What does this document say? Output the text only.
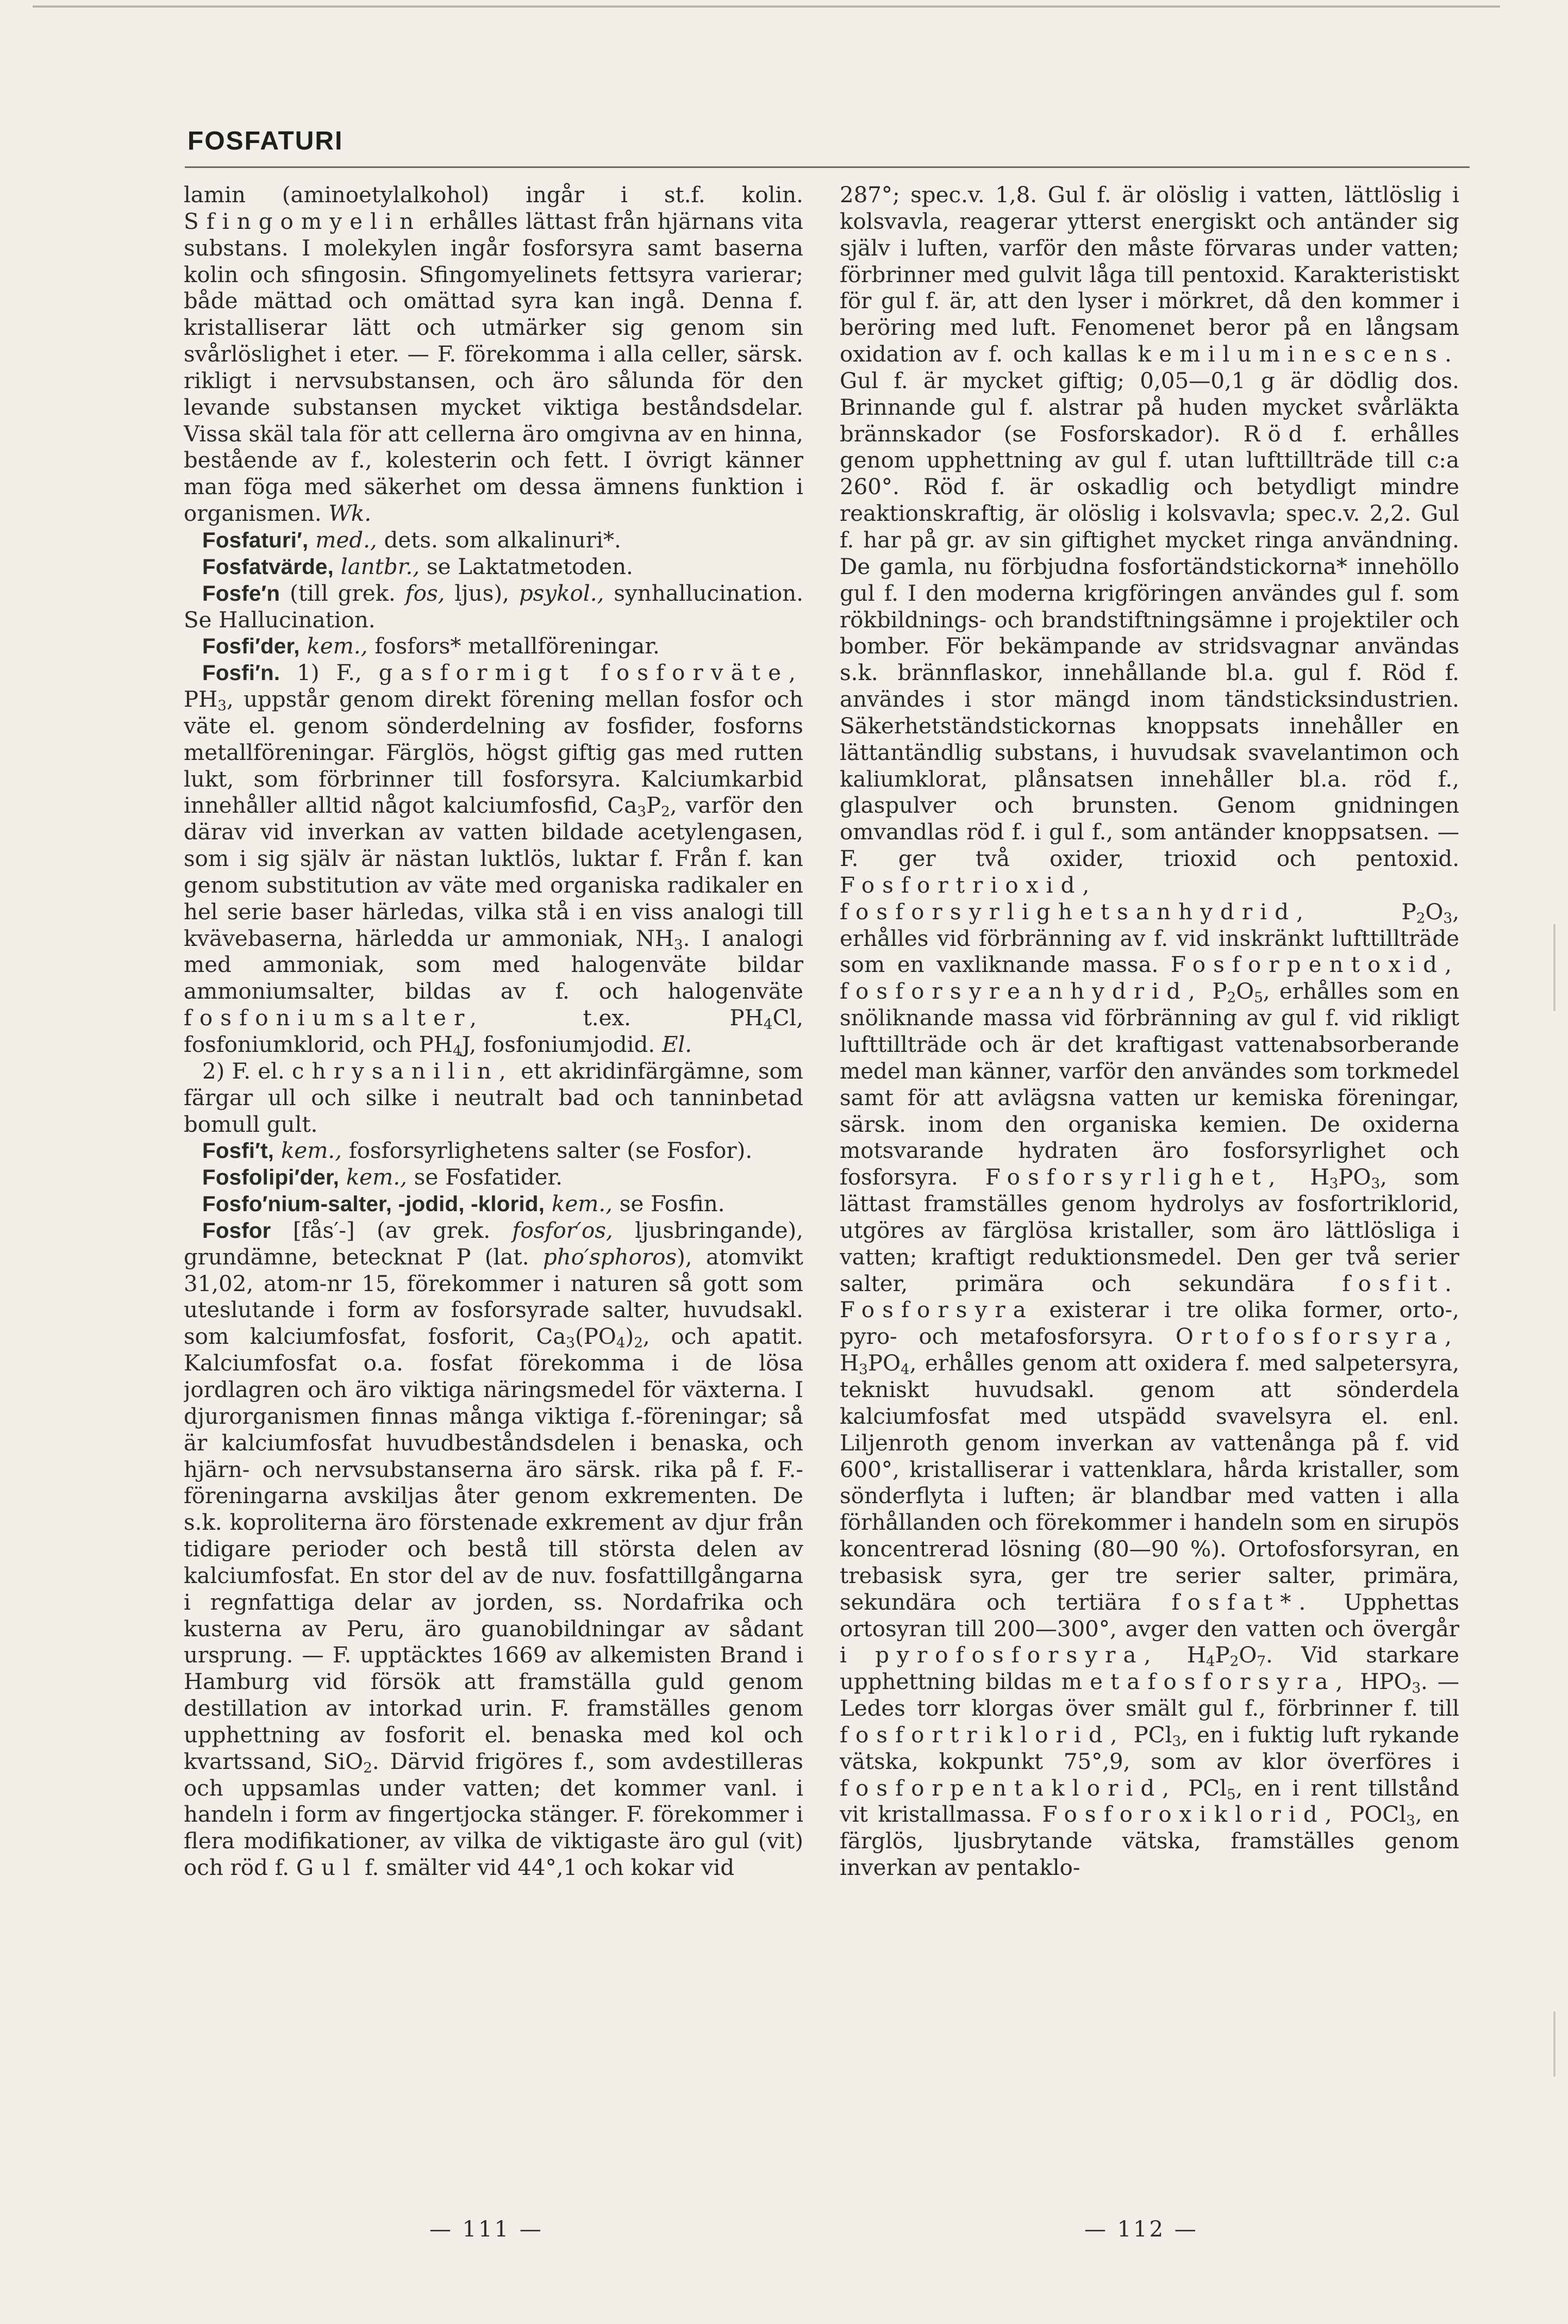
FOSFATURI

lamin (aminoetylalkohol) ingår i st.f. kolin. Sfingomyelin erhålles lättast från hjärnans vita substans. I molekylen ingår fosforsyra samt baserna kolin och sfingosin. Sfingomyelinets fettsyra varierar; både mättad och omättad syra kan ingå. Denna f. kristalliserar lätt och utmärker sig genom sin svårlöslighet i eter. — F. förekomma i alla celler, särsk. rikligt i nervsubstansen, och äro sålunda för den levande substansen mycket viktiga beståndsdelar. Vissa skäl tala för att cellerna äro omgivna av en hinna, bestående av f., kolesterin och fett. I övrigt känner man föga med säkerhet om dessa ämnens funktion i organismen. Wk.

Fosfaturi′, med., dets. som alkalinuri*.

Fosfatvärde, lantbr., se Laktatmetoden.

Fosfe′n (till grek. fos, ljus), psykol., synhallucination. Se Hallucination.

Fosfi′der, kem., fosfors* metallföreningar.

Fosfi′n. 1) F., gasformigt fosforväte, $PH_3$, uppstår genom direkt förening mellan fosfor och väte el. genom sönderdelning av fosfider, fosforns metallföreningar. Färglös, högst giftig gas med rutten lukt, som förbrinner till fosforsyra. Kalciumkarbid innehåller alltid något kalciumfosfid, $Ca_3P_2$, varför den därav vid inverkan av vatten bildade acetylengasen, som i sig själv är nästan luktlös, luktar f. Från f. kan genom substitution av väte med organiska radikaler en hel serie baser härledas, vilka stå i en viss analogi till kvävebaserna, härledda ur ammoniak, $NH_3$. I analogi med ammoniak, som med halogenväte bildar ammoniumsalter, bildas av f. och halogenväte fosfoniumsalter, t.ex. $PH_4Cl$, fosfoniumklorid, och $PH_4J$, fosfoniumjodid. El.

2) F. el. chrysanilin, ett akridinfärgämne, som färgar ull och silke i neutralt bad och tanninbetad bomull gult.

Fosfi′t, kem., fosforsyrlighetens salter (se Fosfor).

Fosfolipi′der, kem., se Fosfatider.

Fosfo′nium-salter, -jodid, -klorid, kem., se Fosfin.

Fosfor [fås′-] (av grek. fosfor′os, ljusbringande), grundämne, betecknat P (lat. pho′sphoros), atomvikt 31,02, atom-nr 15, förekommer i naturen så gott som uteslutande i form av fosforsyrade salter, huvudsakl. som kalciumfosfat, fosforit, $Ca_3(PO_4)_2$, och apatit. Kalciumfosfat o.a. fosfat förekomma i de lösa jordlagren och äro viktiga näringsmedel för växterna. I djurorganismen finnas många viktiga f.-föreningar; så är kalciumfosfat huvudbeståndsdelen i benaska, och hjärn- och nervsubstanserna äro särsk. rika på f. F.-föreningarna avskiljas åter genom exkrementen. De s.k. koproliterna äro förstenade exkrement av djur från tidigare perioder och bestå till största delen av kalciumfosfat. En stor del av de nuv. fosfattillgångarna i regnfattiga delar av jorden, ss. Nordafrika och kusterna av Peru, äro guanobildningar av sådant ursprung. — F. upptäcktes 1669 av alkemisten Brand i Hamburg vid försök att framställa guld genom destillation av intorkad urin. F. framställes genom upphettning av fosforit el. benaska med kol och kvartssand, SiO$_2$. Därvid frigöres f., som avdestilleras och uppsamlas under vatten; det kommer vanl. i handeln i form av fingertjocka stänger. F. förekommer i flera modifikationer, av vilka de viktigaste äro gul (vit) och röd f. Gul f. smälter vid 44°,1 och kokar vid

287°; spec.v. 1,8. Gul f. är olöslig i vatten, lättlöslig i kolsvavla, reagerar ytterst energiskt och antänder sig själv i luften, varför den måste förvaras under vatten; förbrinner med gulvit låga till pentoxid. Karakteristiskt för gul f. är, att den lyser i mörkret, då den kommer i beröring med luft. Fenomenet beror på en långsam oxidation av f. och kallas kemiluminescens. Gul f. är mycket giftig; 0,05—0,1 g är dödlig dos. Brinnande gul f. alstrar på huden mycket svårläkta brännskador (se Fosforskador). Röd f. erhålles genom upphettning av gul f. utan lufttillträde till c:a 260°. Röd f. är oskadlig och betydligt mindre reaktionskraftig, är olöslig i kolsvavla; spec.v. 2,2. Gul f. har på gr. av sin giftighet mycket ringa användning. De gamla, nu förbjudna fosfortändstickorna* innehöllo gul f. I den moderna krigföringen användes gul f. som rökbildnings- och brandstiftningsämne i projektiler och bomber. För bekämpande av stridsvagnar användas s.k. brännflaskor, innehållande bl.a. gul f. Röd f. användes i stor mängd inom tändsticksindustrien. Säkerhetständstickornas knoppsats innehåller en lättantändlig substans, i huvudsak svavelantimon och kaliumklorat, plånsatsen innehåller bl.a. röd f., glaspulver och brunsten. Genom gnidningen omvandlas röd f. i gul f., som antänder knoppsatsen. — F. ger två oxider, trioxid och pentoxid. Fosfortrioxid, fosforsyrlighetsanhydrid, $P_2O_3$, erhålles vid förbränning av f. vid inskränkt lufttillträde som en vaxliknande massa. Fosforpentoxid, fosforsyreanhydrid, $P_2O_5$, erhålles som en snöliknande massa vid förbränning av gul f. vid rikligt lufttillträde och är det kraftigast vattenabsorberande medel man känner, varför den användes som torkmedel samt för att avlägsna vatten ur kemiska föreningar, särsk. inom den organiska kemien. De oxiderna motsvarande hydraten äro fosforsyrlighet och fosforsyra. Fosforsyrlighet, $H_3PO_3$, som lättast framställes genom hydrolys av fosfortriklorid, utgöres av färglösa kristaller, som äro lättlösliga i vatten; kraftigt reduktionsmedel. Den ger två serier salter, primära och sekundära fosfit. Fosforsyra existerar i tre olika former, orto-, pyro- och metafosforsyra. Ortofosforsyra, $H_3PO_4$, erhålles genom att oxidera f. med salpetersyra, tekniskt huvudsakl. genom att sönderdela kalciumfosfat med utspädd svavelsyra el. enl. Liljenroth genom inverkan av vattenånga på f. vid 600°, kristalliserar i vattenklara, hårda kristaller, som sönderflyta i luften; är blandbar med vatten i alla förhållanden och förekommer i handeln som en sirupös koncentrerad lösning (80—90 %). Ortofosforsyran, en trebasisk syra, ger tre serier salter, primära, sekundära och tertiära fosfat*. Upphettas ortosyran till 200—300°, avger den vatten och övergår i pyrofosforsyra, $H_4P_2O_7$. Vid starkare upphettning bildas metafosforsyra, $HPO_3$. — Ledes torr klorgas över smält gul f., förbrinner f. till fosfortriklorid, PCl$_3$, en i fuktig luft rykande vätska, kokpunkt 75°,9, som av klor överföres i fosforpentaklorid, PCl$_5$, en i rent tillstånd vit kristallmassa. Fosforoxiklorid, POCl$_3$, en färglös, ljusbrytande vätska, framställes genom inverkan av pentaklo-

— 111 —	— 112 —
